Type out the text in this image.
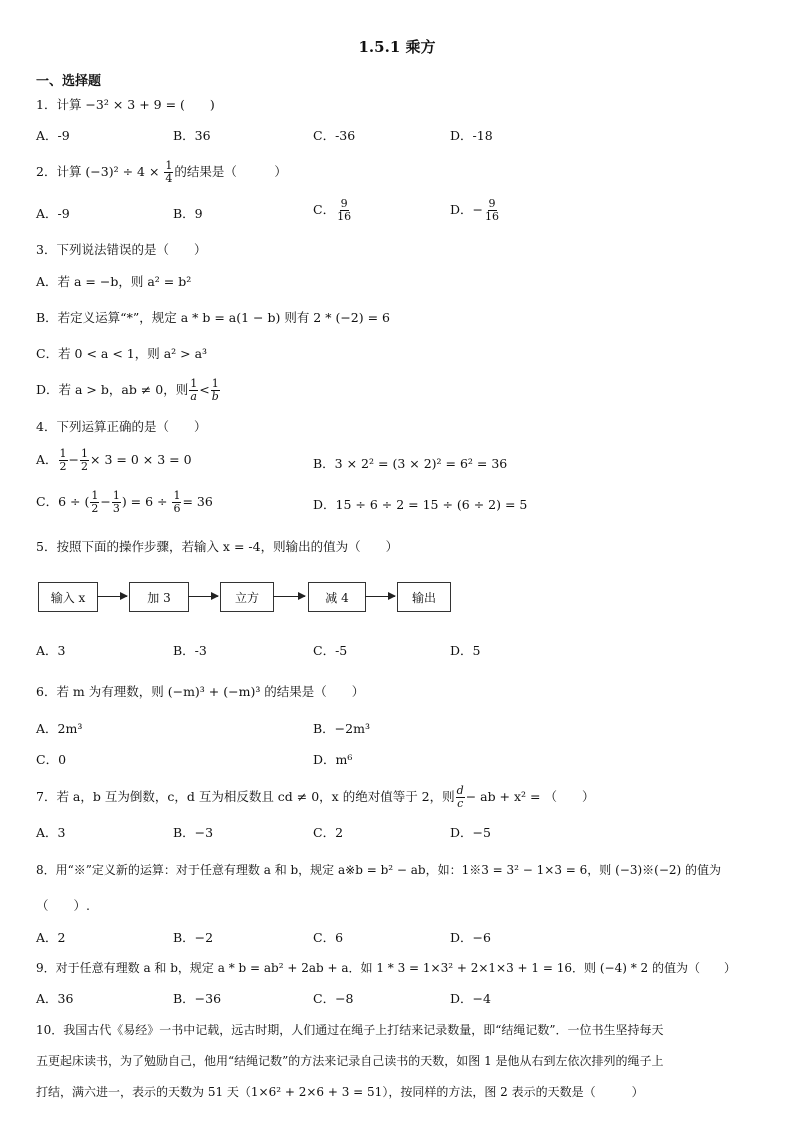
1.5.1 乘方
一、选择题
1．计算 −3² × 3 + 9 = (　　)
A．-9	B．36	C．-36	D．-18
2．计算 $(-3)^2 \div 4 \times \frac{1}{4}$ 的结果是（　　　）
A．-9	B．9	C． $\frac{9}{16}$	D．− $\frac{9}{16}$
3．下列说法错误的是（　　）
A．若 a = −b，则 a² = b²
B．若定义运算“*”，规定 a * b = a(1 − b) 则有 2 * (−2) = 6
C．若 0 < a < 1，则 a² > a³
D．若 a > b，ab ≠ 0，则 $\frac{1}{a} < \frac{1}{b}$
4．下列运算正确的是（　　）
A． $\frac{1}{2} - \frac{1}{2} \times 3 = 0 \times 3 = 0$	B．3 × 2² = (3 × 2)² = 6² = 36
C．6 ÷ ( $\frac{1}{2} - \frac{1}{3}$ ) = $6 \div \frac{1}{6} = 36$	D．15 ÷ 6 ÷ 2 = 15 ÷ (6 ÷ 2) = 5
5．按照下面的操作步骤，若输入 x = -4，则输出的值为（　　）
输入 x	加 3	立方	减 4	输出
A．3	B．-3	C．-5	D．5
6．若 m 为有理数，则 (−m)³ + (−m)³ 的结果是（　　）
A．2m³	B．−2m³
C．0	D．m⁶
7．若 a，b 互为倒数，c，d 互为相反数且 cd ≠ 0，x 的绝对值等于 2，则 $\frac{d}{c}$ − ab + x² = （　　）
A．3	B．−3	C．2	D．−5
8．用“※”定义新的运算：对于任意有理数 a 和 b，规定 a※b = b² − ab，如：1※3 = 3² − 1×3 = 6，则 (−3)※(−2) 的值为
（　　）.
A．2	B．−2	C．6	D．−6
9．对于任意有理数 a 和 b，规定 a * b = ab² + 2ab + a．如 1 * 3 = 1×3² + 2×1×3 + 1 = 16．则 (−4) * 2 的值为（　　）
A．36	B．−36	C．−8	D．−4
10．我国古代《易经》一书中记载，远古时期，人们通过在绳子上打结来记录数量，即“结绳记数”．一位书生坚持每天
五更起床读书，为了勉励自己，他用“结绳记数”的方法来记录自己读书的天数，如图 1 是他从右到左依次排列的绳子上
打结，满六进一，表示的天数为 51 天（1×6² + 2×6 + 3 = 51），按同样的方法，图 2 表示的天数是（　　　）
